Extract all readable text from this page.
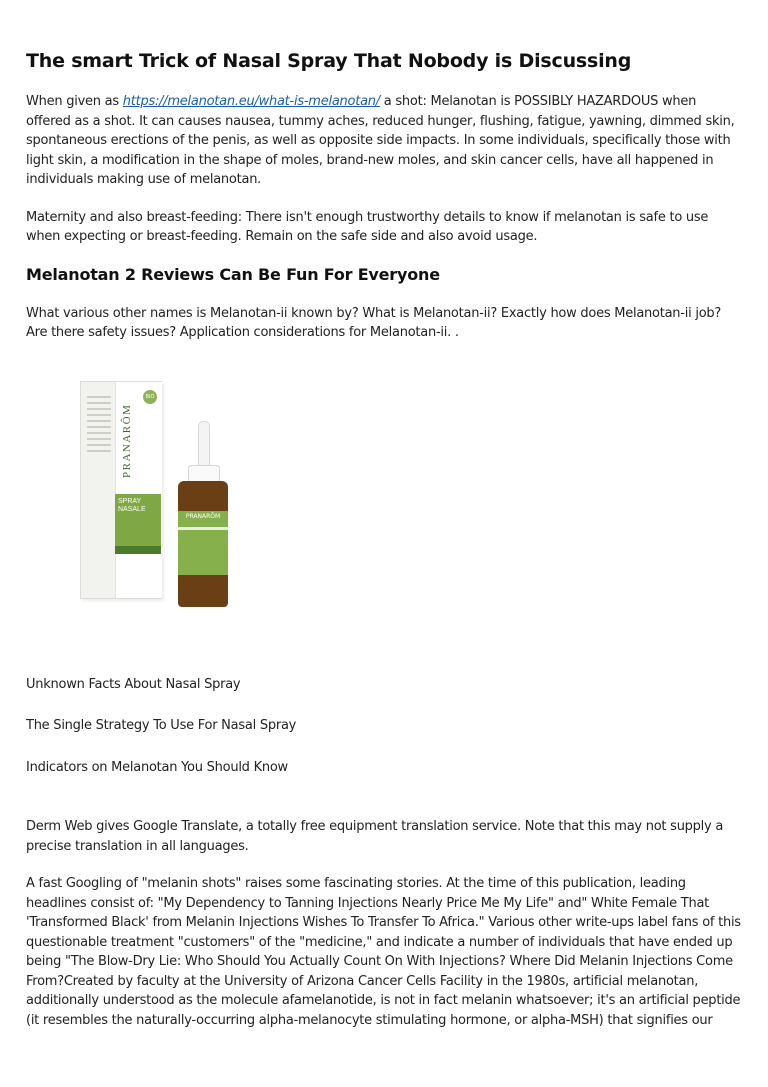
The smart Trick of Nasal Spray That Nobody is Discussing

When given as https://melanotan.eu/what-is-melanotan/ a shot: Melanotan is POSSIBLY HAZARDOUS when offered as a shot. It can causes nausea, tummy aches, reduced hunger, flushing, fatigue, yawning, dimmed skin, spontaneous erections of the penis, as well as opposite side impacts. In some individuals, specifically those with light skin, a modification in the shape of moles, brand-new moles, and skin cancer cells, have all happened in individuals making use of melanotan.

Maternity and also breast-feeding: There isn't enough trustworthy details to know if melanotan is safe to use when expecting or breast-feeding. Remain on the safe side and also avoid usage.

Melanotan 2 Reviews Can Be Fun For Everyone

What various other names is Melanotan-ii known by? What is Melanotan-ii? Exactly how does Melanotan-ii job? Are there safety issues? Application considerations for Melanotan-ii. .

PRANARÔM
SPRAY NASALE
BIO
PRANARÔM

Unknown Facts About Nasal Spray

The Single Strategy To Use For Nasal Spray

Indicators on Melanotan You Should Know

Derm Web gives Google Translate, a totally free equipment translation service. Note that this may not supply a precise translation in all languages.

A fast Googling of "melanin shots" raises some fascinating stories. At the time of this publication, leading headlines consist of: "My Dependency to Tanning Injections Nearly Price Me My Life" and" White Female That 'Transformed Black' from Melanin Injections Wishes To Transfer To Africa." Various other write-ups label fans of this questionable treatment "customers" of the "medicine," and indicate a number of individuals that have ended up being "The Blow-Dry Lie: Who Should You Actually Count On With Injections? Where Did Melanin Injections Come From?Created by faculty at the University of Arizona Cancer Cells Facility in the 1980s, artificial melanotan, additionally understood as the molecule afamelanotide, is not in fact melanin whatsoever; it's an artificial peptide (it resembles the naturally-occurring alpha-melanocyte stimulating hormone, or alpha-MSH) that signifies our
